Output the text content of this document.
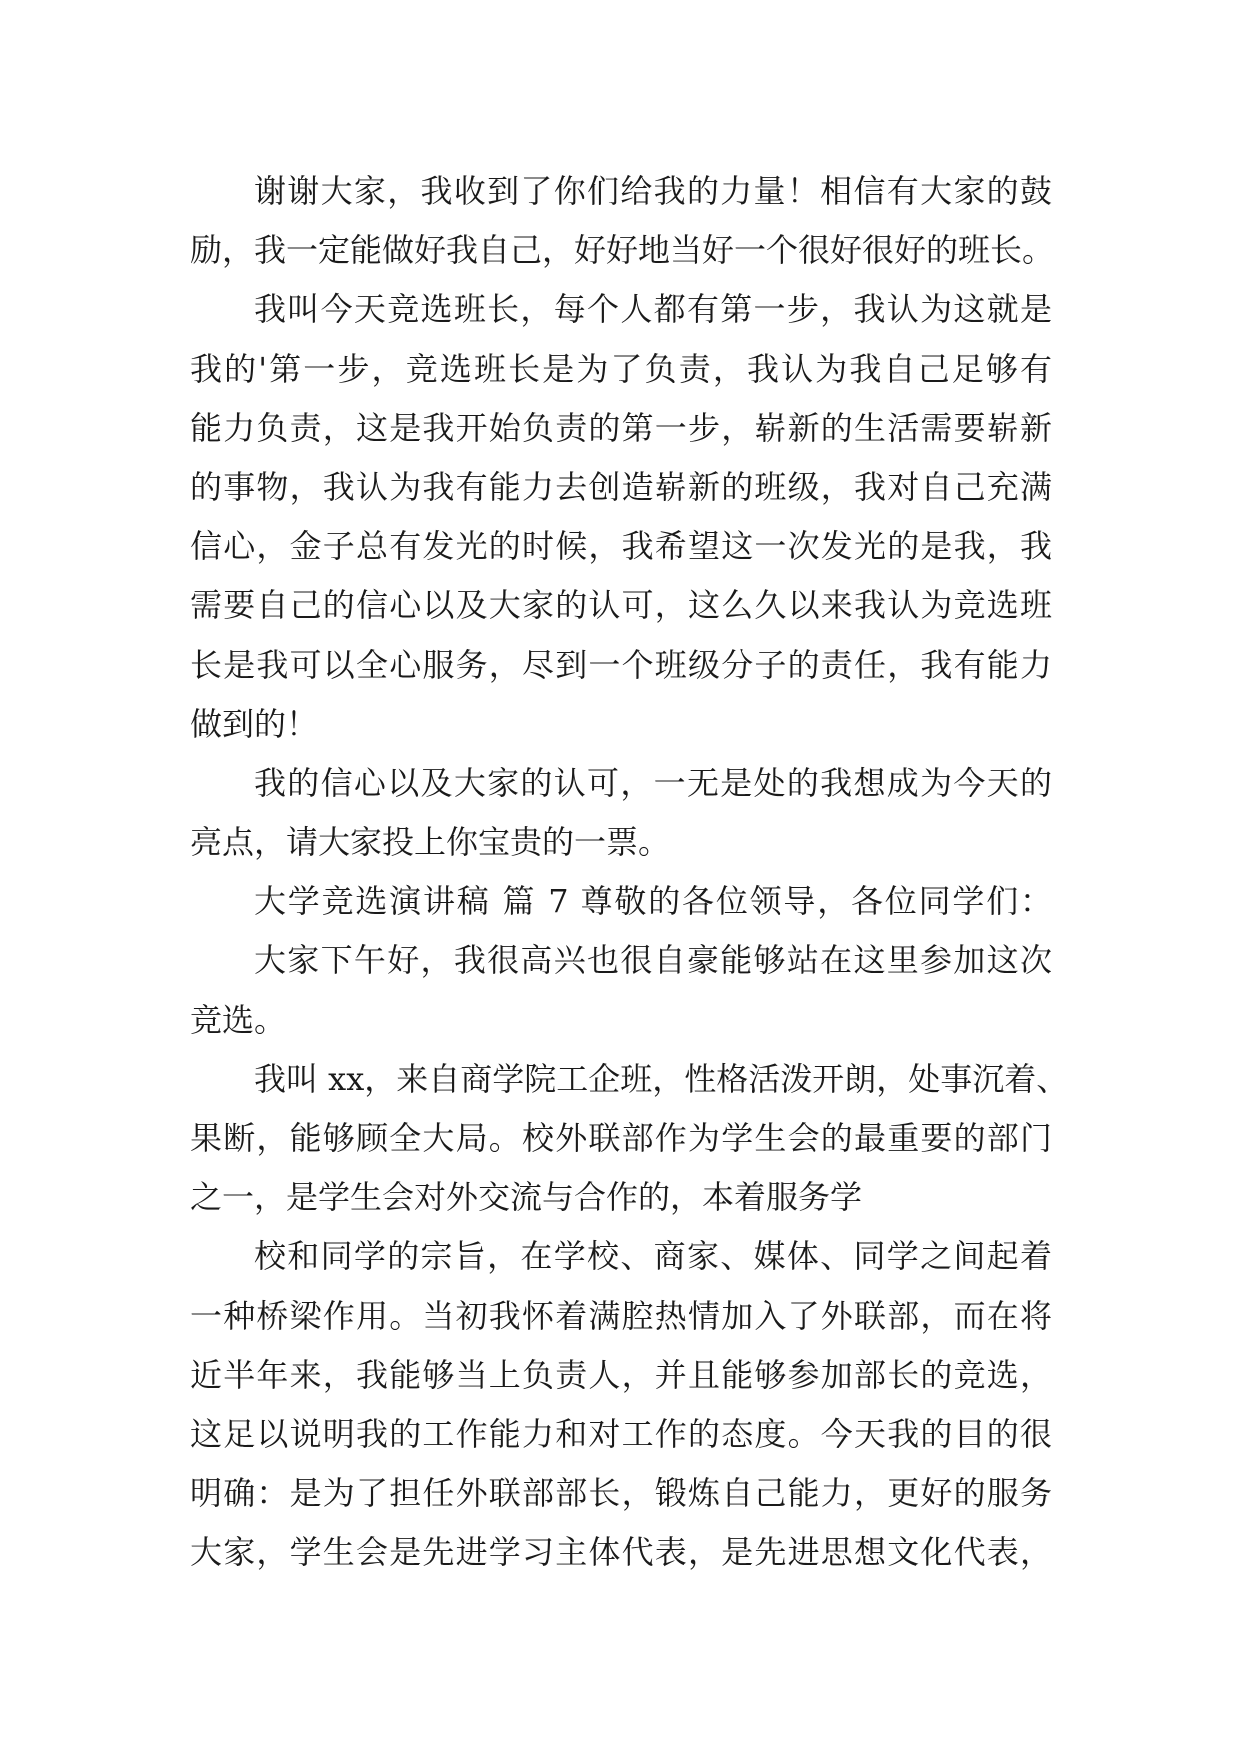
谢谢大家，我收到了你们给我的力量！相信有大家的鼓
励，我一定能做好我自己，好好地当好一个很好很好的班长。
我叫今天竞选班长，每个人都有第一步，我认为这就是
我的'第一步，竞选班长是为了负责，我认为我自己足够有
能力负责，这是我开始负责的第一步，崭新的生活需要崭新
的事物，我认为我有能力去创造崭新的班级，我对自己充满
信心，金子总有发光的时候，我希望这一次发光的是我，我
需要自己的信心以及大家的认可，这么久以来我认为竞选班
长是我可以全心服务，尽到一个班级分子的责任，我有能力
做到的！
我的信心以及大家的认可，一无是处的我想成为今天的
亮点，请大家投上你宝贵的一票。
大学竞选演讲稿 篇 7 尊敬的各位领导，各位同学们：
大家下午好，我很高兴也很自豪能够站在这里参加这次
竞选。
我叫 xx，来自商学院工企班，性格活泼开朗，处事沉着、
果断，能够顾全大局。校外联部作为学生会的最重要的部门
之一，是学生会对外交流与合作的，本着服务学
校和同学的宗旨，在学校、商家、媒体、同学之间起着
一种桥梁作用。当初我怀着满腔热情加入了外联部，而在将
近半年来，我能够当上负责人，并且能够参加部长的竞选，
这足以说明我的工作能力和对工作的态度。今天我的目的很
明确：是为了担任外联部部长，锻炼自己能力，更好的服务
大家，学生会是先进学习主体代表，是先进思想文化代表，
